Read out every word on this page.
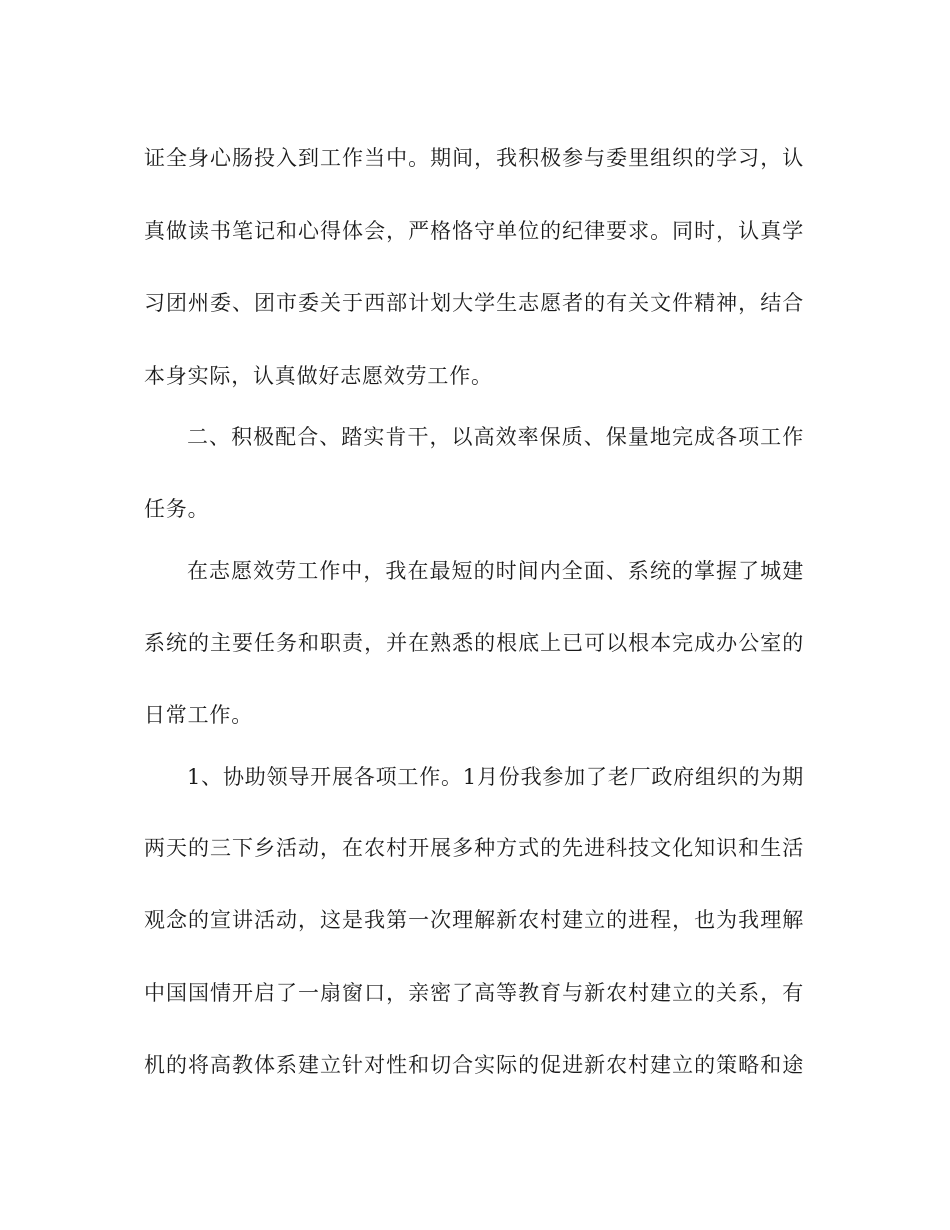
证全身心肠投入到工作当中。期间，我积极参与委里组织的学习，认
真做读书笔记和心得体会，严格恪守单位的纪律要求。同时，认真学
习团州委、团市委关于西部计划大学生志愿者的有关文件精神，结合
本身实际，认真做好志愿效劳工作。
二、积极配合、踏实肯干，以高效率保质、保量地完成各项工作
任务。
在志愿效劳工作中，我在最短的时间内全面、系统的掌握了城建
系统的主要任务和职责，并在熟悉的根底上已可以根本完成办公室的
日常工作。
1、协助领导开展各项工作。1月份我参加了老厂政府组织的为期
两天的三下乡活动，在农村开展多种方式的先进科技文化知识和生活
观念的宣讲活动，这是我第一次理解新农村建立的进程，也为我理解
中国国情开启了一扇窗口，亲密了高等教育与新农村建立的关系，有
机的将高教体系建立针对性和切合实际的促进新农村建立的策略和途
